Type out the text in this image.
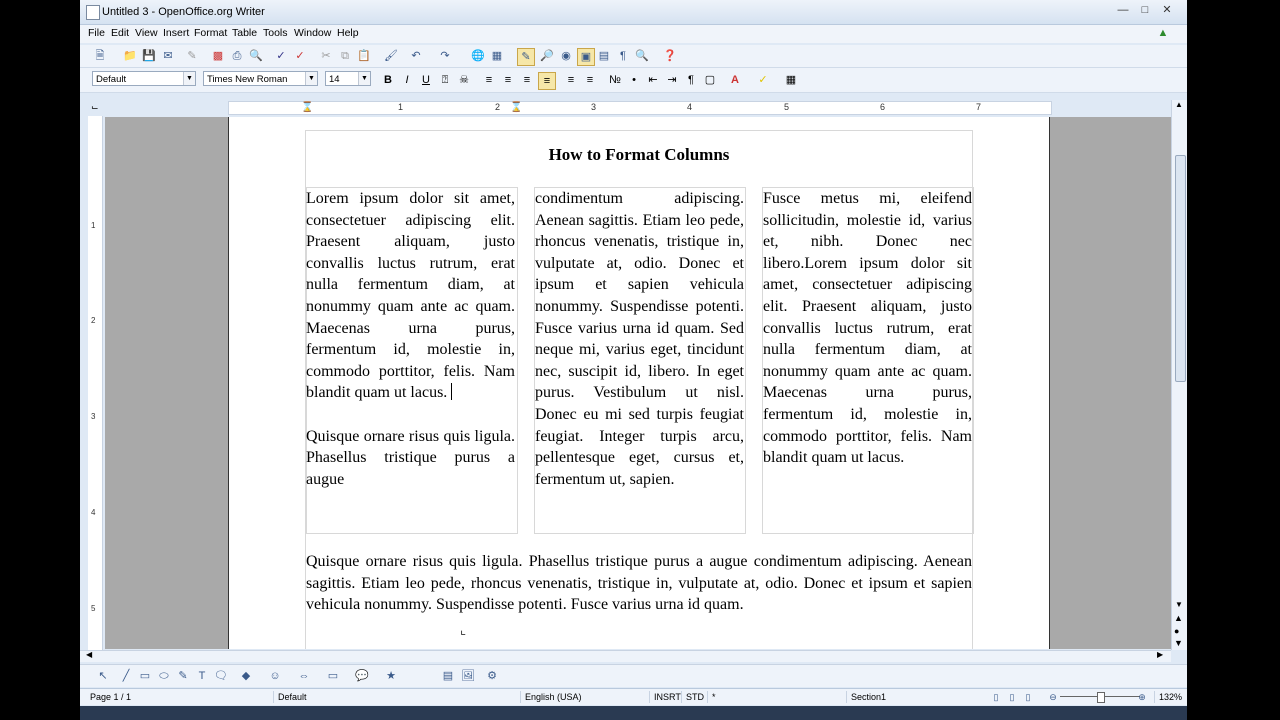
Untitled 3 - OpenOffice.org Writer	—	□	✕
File Edit View Insert Format Table Tools Window Help	▲
🗎	📁 💾 ✉	✎	▩ ⎙ 🔍	✓ ✓	✂ ⧉ 📋 🖌	↶	↷	🌐 ▦	✎ 🔎 ◉ ▣ ▤ ¶ 🔍 ❓
Default	▼	Times New Roman	▼	14	▼	B	I	U	⍰ ☠	≡	≡	≡	≡	≡	≡	№	•	⇤ ⇥	¶ ▢	A	✓	▦
⌙	1	2	3	4	5	6	7
⌛	⌛
1
2
3
4
5
How to Format Columns

Lorem ipsum dolor sit amet, consectetuer adipiscing elit. Praesent aliquam, justo convallis luctus rutrum, erat nulla fermentum diam, at nonummy quam ante ac quam. Maecenas urna purus, fermentum id, molestie in, commodo porttitor, felis. Nam blandit quam ut lacus.

Quisque ornare risus quis ligula. Phasellus tristique purus a augue

condimentum adipiscing. Aenean sagittis. Etiam leo pede, rhoncus venenatis, tristique in, vulputate at, odio. Donec et ipsum et sapien vehicula nonummy. Suspendisse potenti. Fusce varius urna id quam. Sed neque mi, varius eget, tincidunt nec, suscipit id, libero. In eget purus. Vestibulum ut nisl. Donec eu mi sed turpis feugiat feugiat. Integer turpis arcu, pellentesque eget, cursus et, fermentum ut, sapien.

Fusce metus mi, eleifend sollicitudin, molestie id, varius et, nibh. Donec nec libero.Lorem ipsum dolor sit amet, consectetuer adipiscing elit. Praesent aliquam, justo convallis luctus rutrum, erat nulla fermentum diam, at nonummy quam ante ac quam. Maecenas urna purus, fermentum id, molestie in, commodo porttitor, felis. Nam blandit quam ut lacus.

Quisque ornare risus quis ligula. Phasellus tristique purus a augue condimentum adipiscing. Aenean sagittis. Etiam leo pede, rhoncus venenatis, tristique in, vulputate at, odio. Donec et ipsum et sapien vehicula nonummy. Suspendisse potenti. Fusce varius urna id quam.
⌞
▲
▼
▲
●
▼
◀	▶
↖	╱ ▭ ⬭ ✎	T 🗨	◆	☺ ⇔ ▭ 💬 ★	▤ 🖼 ⚙
Page 1 / 1	Default	English (USA)	INSRT STD *	Section1	▯	▯	▯	⊖	⊕	132%
